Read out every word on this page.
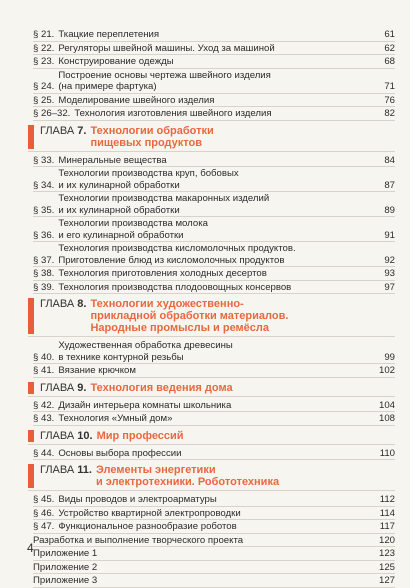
§ 21. Ткацкие переплетения	61
§ 22. Регуляторы швейной машины. Уход за машиной	62
§ 23. Конструирование одежды	68
§ 24.
Построение основы чертежа швейного изделия
(на примере фартука)	71
§ 25. Моделирование швейного изделия	76
§ 26–32. Технология изготовления швейного изделия	82
ГЛАВА 7. Технологии обработки
пищевых продуктов
§ 33. Минеральные вещества	84
§ 34.
Технологии производства круп, бобовых
и их кулинарной обработки	87
§ 35.
Технологии производства макаронных изделий
и их кулинарной обработки	89
§ 36.
Технологии производства молока
и его кулинарной обработки	91
§ 37.
Технология производства кисломолочных продуктов.
Приготовление блюд из кисломолочных продуктов	92
§ 38. Технология приготовления холодных десертов	93
§ 39. Технология производства плодоовощных консервов	97
ГЛАВА 8. Технологии художественно-
прикладной обработки материалов.
Народные промыслы и ремёсла
§ 40.
Художественная обработка древесины
в технике контурной резьбы	99
§ 41. Вязание крючком	102
ГЛАВА 9. Технология ведения дома
§ 42. Дизайн интерьера комнаты школьника	104
§ 43. Технология «Умный дом»	108
ГЛАВА 10. Мир профессий
§ 44. Основы выбора профессии	110
ГЛАВА 11. Элементы энергетики
и электротехники. Робототехника
§ 45. Виды проводов и электроарматуры	112
§ 46. Устройство квартирной электропроводки	114
§ 47. Функциональное разнообразие роботов	117
Разработка и выполнение творческого проекта	120
Приложение 1	123
Приложение 2	125
Приложение 3	127
4
